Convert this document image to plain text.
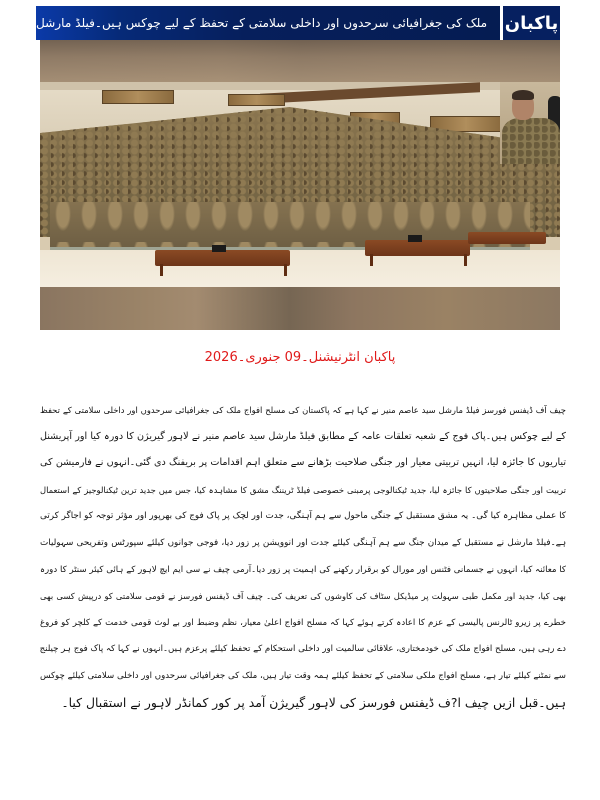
ملک کی جغرافیائی سرحدوں اور داخلی سلامتی کے تحفظ کے لیے چوکس ہیں۔فیلڈ مارشل پاکبان
پاکبان انٹرنیشنل۔09 جنوری۔2026
چیف آف ڈیفنس فورسز فیلڈ مارشل سید عاصم منیر نے کہا ہے کہ پاکستان کی مسلح افواج ملک کی جغرافیائی سرحدوں اور داخلی سلامتی کے تحفظ
کے لیے چوکس ہیں۔پاک فوج کے شعبہ تعلقات عامہ کے مطابق فیلڈ مارشل سید عاصم منیر نے لاہور گیریژن کا دورہ کیا اور آپریشنل
تیاریوں کا جائزہ لیا، انہیں تربیتی معیار اور جنگی صلاحیت بڑھانے سے متعلق اہم اقدامات پر بریفنگ دی گئی۔انہوں نے فارمیشن کی
تربیت اور جنگی صلاحیتوں کا جائزہ لیا، جدید ٹیکنالوجی پرمبنی خصوصی فیلڈ ٹریننگ مشق کا مشاہدہ کیا، جس میں جدید ترین ٹیکنالوجیز کے استعمال
کا عملی مظاہرہ کیا گی۔ یہ مشق مستقبل کے جنگی ماحول سے ہم آہنگی، جدت اور لچک پر پاک فوج کی بھرپور اور مؤثر توجہ کو اجاگر کرتی
ہے۔فیلڈ مارشل نے مستقبل کے میدان جنگ سے ہم آہنگی کیلئے جدت اور انوویشن پر زور دیا، فوجی جوانوں کیلئے سپورٹس وتفریحی سہولیات
کا معائنہ کیا، انہوں نے جسمانی فٹنس اور مورال کو برقرار رکھنے کی اہمیت پر زور دیا۔آرمی چیف نے سی ایم ایچ لاہور کے ہائی کیئر سنٹر کا دورہ
بھی کیا، جدید اور مکمل طبی سہولت پر میڈیکل سٹاف کی کاوشوں کی تعریف کی۔ چیف آف ڈیفنس فورسز نے قومی سلامتی کو درپیش کسی بھی
خطرے پر زیرو ٹالرنس پالیسی کے عزم کا اعادہ کرتے ہوئے کہا کہ مسلح افواج اعلیٰ معیار، نظم وضبط اور بے لوث قومی خدمت کے کلچر کو فروغ
دے رہی ہیں، مسلح افواج ملک کی خودمختاری، علاقائی سالمیت اور داخلی استحکام کے تحفظ کیلئے پرعزم ہیں۔انہوں نے کہا کہ پاک فوج ہر چیلنج
سے نمٹنے کیلئے تیار ہے، مسلح افواج ملکی سلامتی کے تحفظ کیلئے ہمہ وقت تیار ہیں، ملک کی جغرافیائی سرحدوں اور داخلی سلامتی کیلئے چوکس
ہیں۔قبل ازیں چیف ا?ف ڈیفنس فورسز کی لاہور گیریژن آمد پر کور کمانڈر لاہور نے استقبال کیا۔
